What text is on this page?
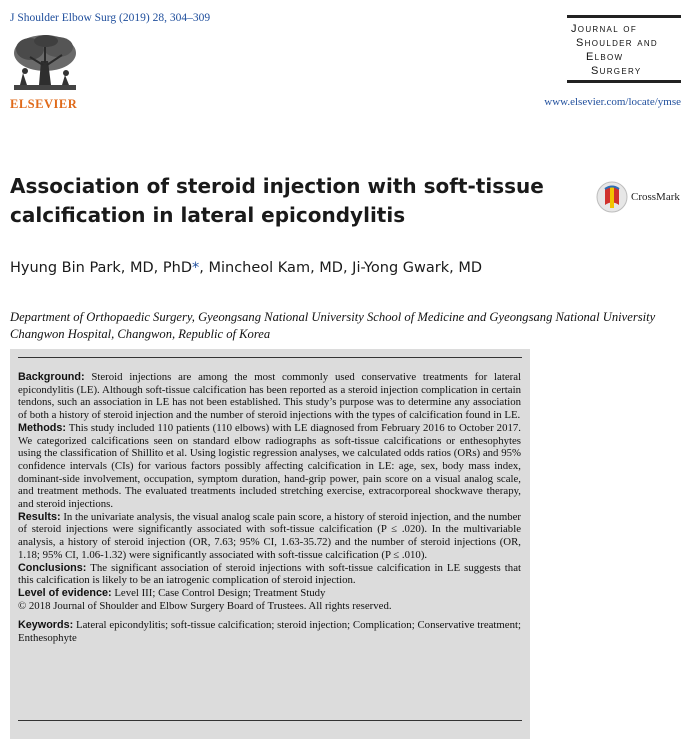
J Shoulder Elbow Surg (2019) 28, 304–309
ELSEVIER
Journal of
Shoulder and
Elbow
Surgery
www.elsevier.com/locate/ymse
Association of steroid injection with soft-tissue calcification in lateral epicondylitis
CrossMark
Hyung Bin Park, MD, PhD*, Mincheol Kam, MD, Ji-Yong Gwark, MD
Department of Orthopaedic Surgery, Gyeongsang National University School of Medicine and Gyeongsang National University Changwon Hospital, Changwon, Republic of Korea

Background: Steroid injections are among the most commonly used conservative treatments for lateral epicondylitis (LE). Although soft-tissue calcification has been reported as a steroid injection complication in certain tendons, such an association in LE has not been established. This study’s purpose was to determine any association of both a history of steroid injection and the number of steroid injections with the types of calcification found in LE.

Methods: This study included 110 patients (110 elbows) with LE diagnosed from February 2016 to October 2017. We categorized calcifications seen on standard elbow radiographs as soft-tissue calcifications or enthesophytes using the classification of Shillito et al. Using logistic regression analyses, we calculated odds ratios (ORs) and 95% confidence intervals (CIs) for various factors possibly affecting calcification in LE: age, sex, body mass index, dominant-side involvement, occupation, symptom duration, hand-grip power, pain score on a visual analog scale, and treatment methods. The evaluated treatments included stretching exercise, extracorporeal shockwave therapy, and steroid injections.

Results: In the univariate analysis, the visual analog scale pain score, a history of steroid injection, and the number of steroid injections were significantly associated with soft-tissue calcification (P ≤ .020). In the multivariable analysis, a history of steroid injection (OR, 7.63; 95% CI, 1.63-35.72) and the number of steroid injections (OR, 1.18; 95% CI, 1.06-1.32) were significantly associated with soft-tissue calcification (P ≤ .010).

Conclusions: The significant association of steroid injections with soft-tissue calcification in LE suggests that this calcification is likely to be an iatrogenic complication of steroid injection.

Level of evidence: Level III; Case Control Design; Treatment Study

© 2018 Journal of Shoulder and Elbow Surgery Board of Trustees. All rights reserved.

Keywords: Lateral epicondylitis; soft-tissue calcification; steroid injection; Complication; Conservative treatment; Enthesophyte
